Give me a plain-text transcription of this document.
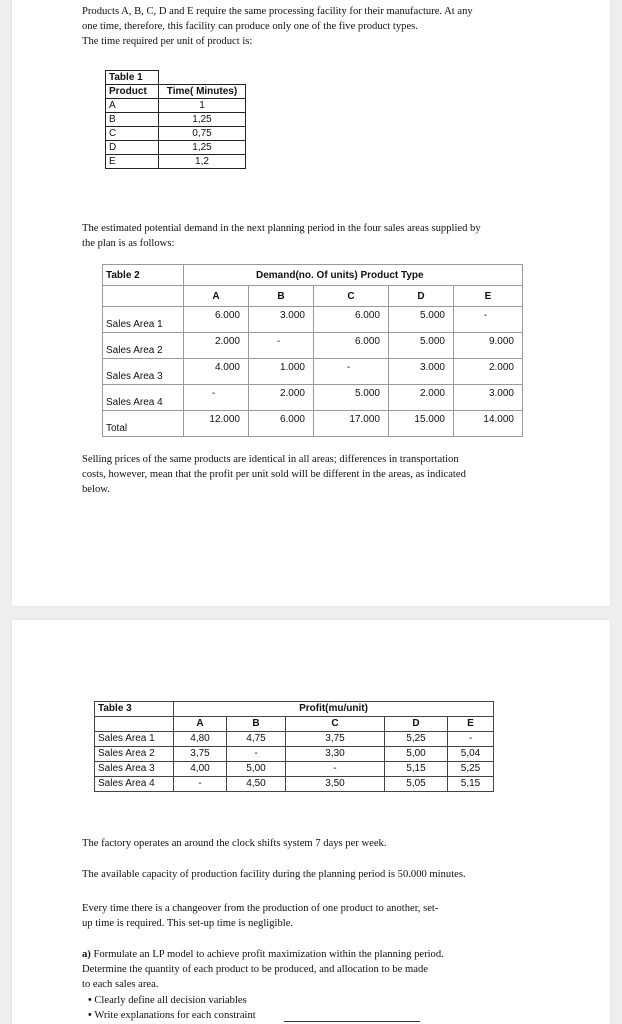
Products A, B, C, D and E require the same processing facility for their manufacture. At any
one time, therefore, this facility can produce only one of the five product types.
The time required per unit of product is:
Table 1	
Product	Time( Minutes)
A	1
B	1,25
C	0,75
D	1,25
E	1,2
The estimated potential demand in the next planning period in the four sales areas supplied by
the plan is as follows:
Table 2	Demand(no. Of units) Product Type				
	A	B	C	D	E
Sales Area 1	6.000	3.000	6.000	5.000	-
Sales Area 2	2.000	-	6.000	5.000	9.000
Sales Area 3	4.000	1.000	-	3.000	2.000
Sales Area 4	-	2.000	5.000	2.000	3.000
Total	12.000	6.000	17.000	15.000	14.000
Selling prices of the same products are identical in all areas; differences in transportation
costs, however, mean that the profit per unit sold will be different in the areas, as indicated
below.
Table 3	Profit(mu/unit)				
	A	B	C	D	E
Sales Area 1	4,80	4,75	3,75	5,25	-
Sales Area 2	3,75	-	3,30	5,00	5,04
Sales Area 3	4,00	5,00	-	5,15	5,25
Sales Area 4	-	4,50	3,50	5,05	5,15
The factory operates an around the clock shifts system 7 days per week.
The available capacity of production facility during the planning period is 50.000 minutes.
Every time there is a changeover from the production of one product to another, set-
up time is required. This set-up time is negligible.
a) Formulate an LP model to achieve profit maximization within the planning period.
Determine the quantity of each product to be produced, and allocation to be made
to each sales area.
• Clearly define all decision variables
• Write explanations for each constraint
